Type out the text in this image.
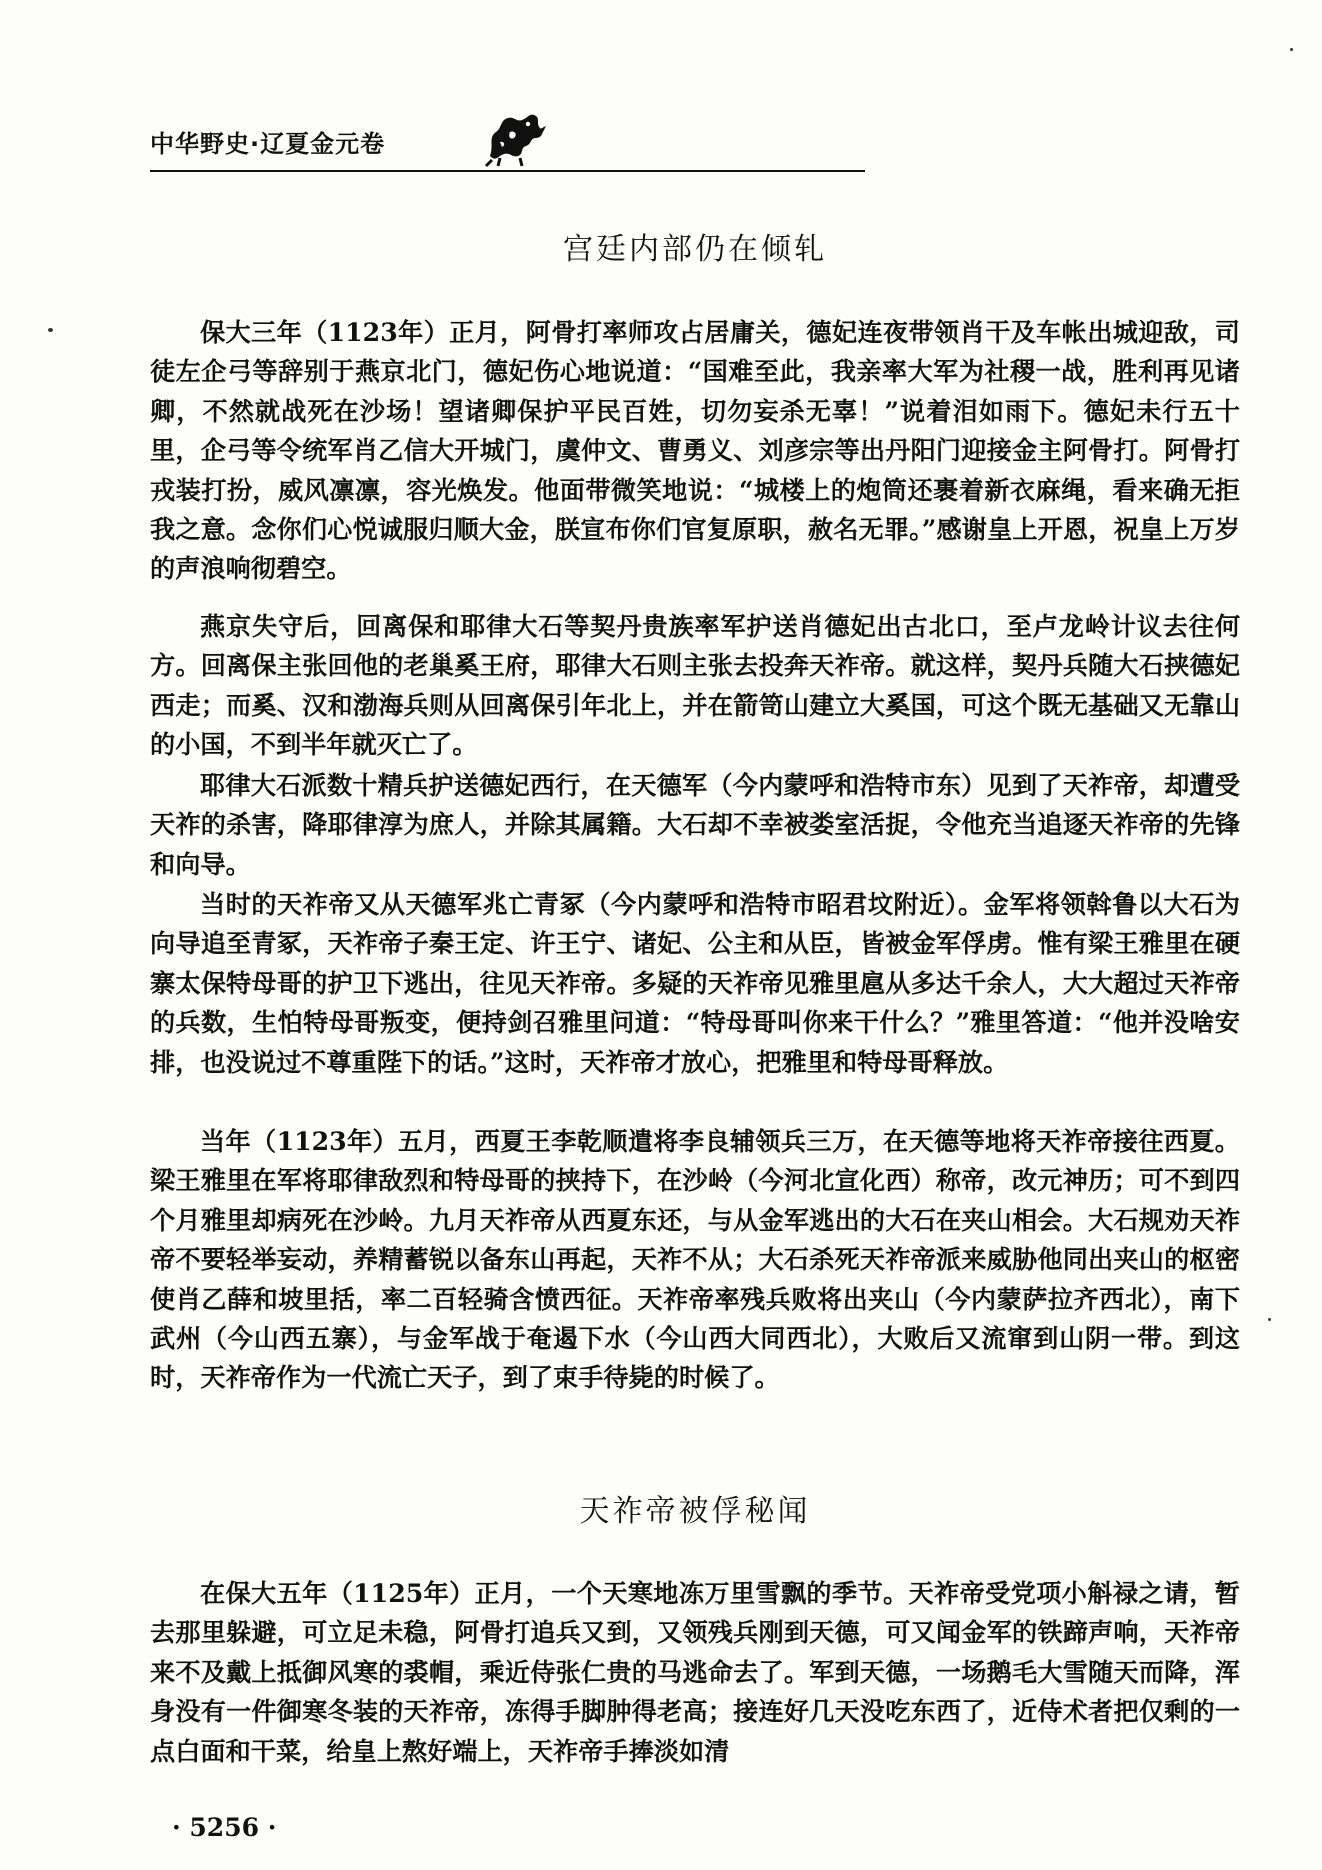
中华野史·辽夏金元卷
宫廷内部仍在倾轧

保大三年（1123年）正月，阿骨打率师攻占居庸关，德妃连夜带领肖干及车帐出城迎敌，司徒左企弓等辞别于燕京北门，德妃伤心地说道：“国难至此，我亲率大军为社稷一战，胜利再见诸卿，不然就战死在沙场！望诸卿保护平民百姓，切勿妄杀无辜！”说着泪如雨下。德妃未行五十里，企弓等令统军肖乙信大开城门，虞仲文、曹勇义、刘彦宗等出丹阳门迎接金主阿骨打。阿骨打戎装打扮，威风凛凛，容光焕发。他面带微笑地说：“城楼上的炮筒还裹着新衣麻绳，看来确无拒我之意。念你们心悦诚服归顺大金，朕宣布你们官复原职，赦名无罪。”感谢皇上开恩，祝皇上万岁的声浪响彻碧空。

燕京失守后，回离保和耶律大石等契丹贵族率军护送肖德妃出古北口，至卢龙岭计议去往何方。回离保主张回他的老巢奚王府，耶律大石则主张去投奔天祚帝。就这样，契丹兵随大石挟德妃西走；而奚、汉和渤海兵则从回离保引年北上，并在箭笥山建立大奚国，可这个既无基础又无靠山的小国，不到半年就灭亡了。

耶律大石派数十精兵护送德妃西行，在天德军（今内蒙呼和浩特市东）见到了天祚帝，却遭受天祚的杀害，降耶律淳为庶人，并除其属籍。大石却不幸被娄室活捉，令他充当追逐天祚帝的先锋和向导。

当时的天祚帝又从天德军兆亡青冢（今内蒙呼和浩特市昭君坟附近）。金军将领斡鲁以大石为向导追至青冢，天祚帝子秦王定、许王宁、诸妃、公主和从臣，皆被金军俘虏。惟有梁王雅里在硬寨太保特母哥的护卫下逃出，往见天祚帝。多疑的天祚帝见雅里扈从多达千余人，大大超过天祚帝的兵数，生怕特母哥叛变，便持剑召雅里问道：“特母哥叫你来干什么？”雅里答道：“他并没啥安排，也没说过不尊重陛下的话。”这时，天祚帝才放心，把雅里和特母哥释放。

当年（1123年）五月，西夏王李乾顺遣将李良辅领兵三万，在天德等地将天祚帝接往西夏。梁王雅里在军将耶律敌烈和特母哥的挟持下，在沙岭（今河北宣化西）称帝，改元神历；可不到四个月雅里却病死在沙岭。九月天祚帝从西夏东还，与从金军逃出的大石在夹山相会。大石规劝天祚帝不要轻举妄动，养精蓄锐以备东山再起，天祚不从；大石杀死天祚帝派来威胁他同出夹山的枢密使肖乙薛和坡里括，率二百轻骑含愤西征。天祚帝率残兵败将出夹山（今内蒙萨拉齐西北），南下武州（今山西五寨），与金军战于奄遏下水（今山西大同西北），大败后又流窜到山阴一带。到这时，天祚帝作为一代流亡天子，到了束手待毙的时候了。

天祚帝被俘秘闻

在保大五年（1125年）正月，一个天寒地冻万里雪飘的季节。天祚帝受党项小斛禄之请，暂去那里躲避，可立足未稳，阿骨打追兵又到，又领残兵刚到天德，可又闻金军的铁蹄声响，天祚帝来不及戴上抵御风寒的裘帽，乘近侍张仁贵的马逃命去了。军到天德，一场鹅毛大雪随天而降，浑身没有一件御寒冬装的天祚帝，冻得手脚肿得老高；接连好几天没吃东西了，近侍术者把仅剩的一点白面和干菜，给皇上熬好端上，天祚帝手捧淡如清

· 5256 ·
